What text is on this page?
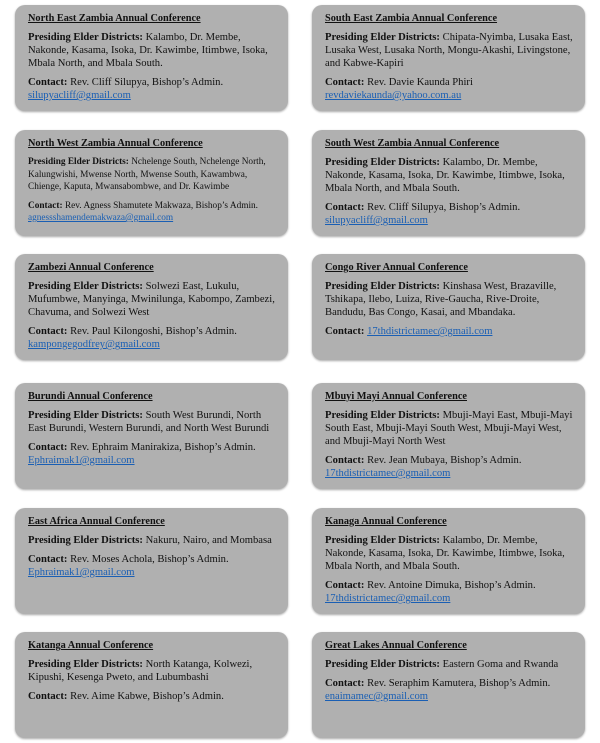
North East Zambia Annual Conference
Presiding Elder Districts: Kalambo, Dr. Membe, Nakonde, Kasama, Isoka, Dr. Kawimbe, Itimbwe, Isoka, Mbala North, and Mbala South.
Contact: Rev. Cliff Silupya, Bishop’s Admin.
silupyacliff@gmail.com
South East Zambia Annual Conference
Presiding Elder Districts: Chipata-Nyimba, Lusaka East, Lusaka West, Lusaka North, Mongu-Akashi, Livingstone, and Kabwe-Kapiri
Contact: Rev. Davie Kaunda Phiri
revdaviekaunda@yahoo.com.au
North West Zambia Annual Conference
Presiding Elder Districts: Nchelenge South, Nchelenge North, Kalungwishi, Mwense North, Mwense South, Kawambwa, Chienge, Kaputa, Mwansabombwe, and Dr. Kawimbe
Contact: Rev. Agness Shamutete Makwaza, Bishop’s Admin.
agnessshamendemakwaza@gmail.com
South West Zambia Annual Conference
Presiding Elder Districts: Kalambo, Dr. Membe, Nakonde, Kasama, Isoka, Dr. Kawimbe, Itimbwe, Isoka, Mbala North, and Mbala South.
Contact: Rev. Cliff Silupya, Bishop’s Admin.
silupyacliff@gmail.com
Zambezi Annual Conference
Presiding Elder Districts: Solwezi East, Lukulu, Mufumbwe, Manyinga, Mwinilunga, Kabompo, Zambezi, Chavuma, and Solwezi West
Contact: Rev. Paul Kilongoshi, Bishop’s Admin.
kampongegodfrey@gmail.com
Congo River Annual Conference
Presiding Elder Districts: Kinshasa West, Brazaville, Tshikapa, Ilebo, Luiza, Rive-Gaucha, Rive-Droite, Bandudu, Bas Congo, Kasai, and Mbandaka.
Contact: 17thdistrictamec@gmail.com
Burundi Annual Conference
Presiding Elder Districts: South West Burundi, North East Burundi, Western Burundi, and North West Burundi
Contact: Rev. Ephraim Manirakiza, Bishop’s Admin.
Ephraimak1@gmail.com
Mbuyi Mayi Annual Conference
Presiding Elder Districts: Mbuji-Mayi East, Mbuji-Mayi South East, Mbuji-Mayi South West, Mbuji-Mayi West, and Mbuji-Mayi North West
Contact: Rev. Jean Mubaya, Bishop’s Admin.
17thdistrictamec@gmail.com
East Africa Annual Conference
Presiding Elder Districts: Nakuru, Nairo, and Mombasa
Contact: Rev. Moses Achola, Bishop’s Admin.
Ephraimak1@gmail.com
Kanaga Annual Conference
Presiding Elder Districts: Kalambo, Dr. Membe, Nakonde, Kasama, Isoka, Dr. Kawimbe, Itimbwe, Isoka, Mbala North, and Mbala South.
Contact: Rev. Antoine Dimuka, Bishop’s Admin.
17thdistrictamec@gmail.com
Katanga Annual Conference
Presiding Elder Districts: North Katanga, Kolwezi, Kipushi, Kesenga Pweto, and Lubumbashi
Contact: Rev. Aime Kabwe, Bishop’s Admin.
Great Lakes Annual Conference
Presiding Elder Districts: Eastern Goma and Rwanda
Contact: Rev. Seraphim Kamutera, Bishop’s Admin.
enaimamec@gmail.com
